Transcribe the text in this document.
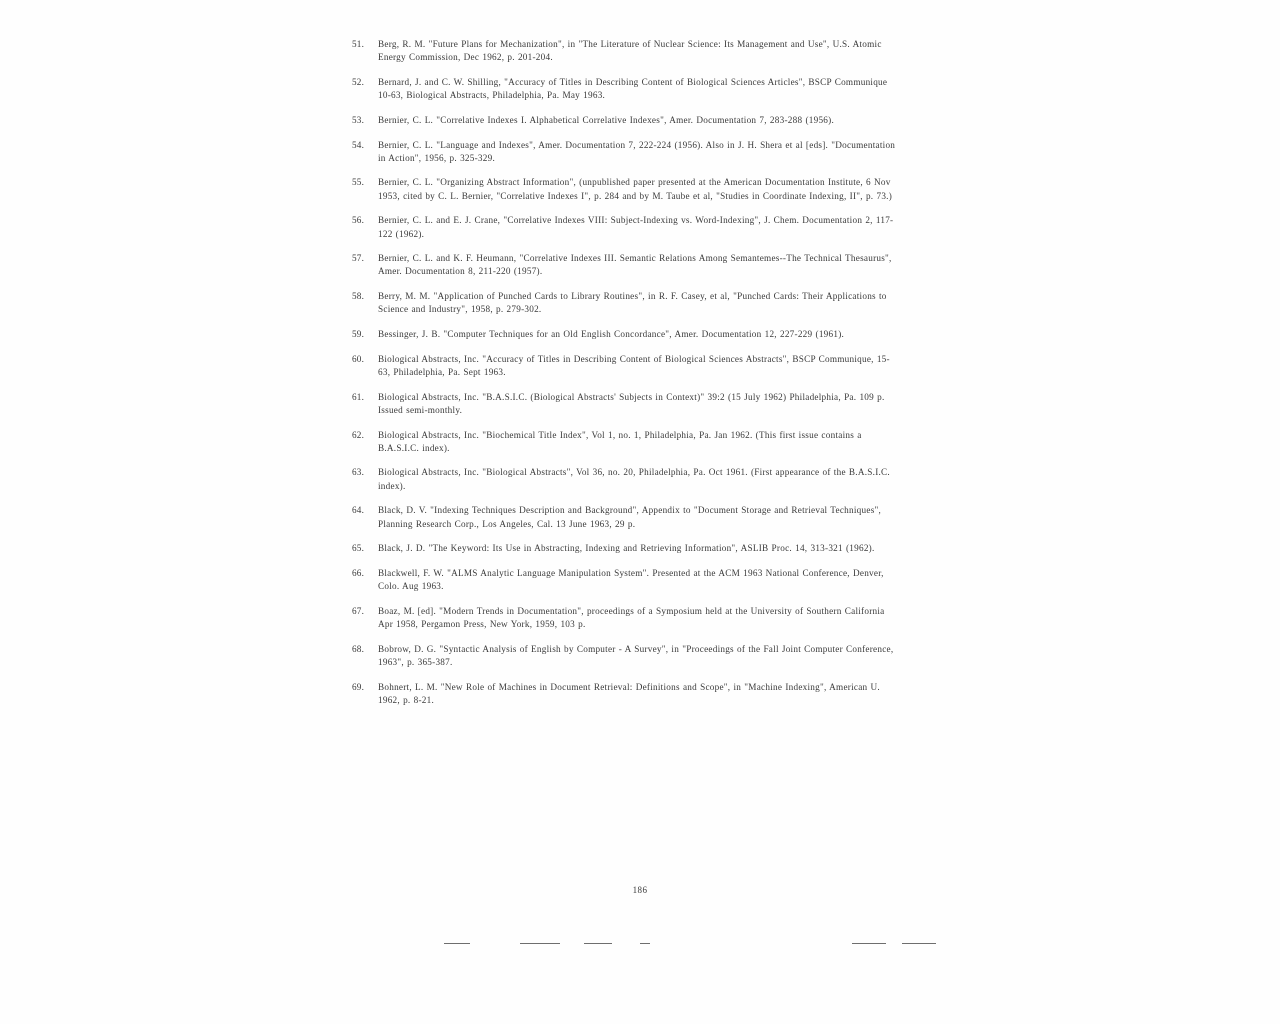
51.	Berg, R. M. "Future Plans for Mechanization", in "The Literature of Nuclear Science: Its Management and Use", U.S. Atomic Energy Commission, Dec 1962, p. 201-204.
52.	Bernard, J. and C. W. Shilling, "Accuracy of Titles in Describing Content of Biological Sciences Articles", BSCP Communique 10-63, Biological Abstracts, Philadelphia, Pa. May 1963.
53.	Bernier, C. L. "Correlative Indexes I. Alphabetical Correlative Indexes", Amer. Documentation 7, 283-288 (1956).
54.	Bernier, C. L. "Language and Indexes", Amer. Documentation 7, 222-224 (1956). Also in J. H. Shera et al [eds]. "Documentation in Action", 1956, p. 325-329.
55.	Bernier, C. L. "Organizing Abstract Information", (unpublished paper presented at the American Documentation Institute, 6 Nov 1953, cited by C. L. Bernier, "Correlative Indexes I", p. 284 and by M. Taube et al, "Studies in Coordinate Indexing, II", p. 73.)
56.	Bernier, C. L. and E. J. Crane, "Correlative Indexes VIII: Subject-Indexing vs. Word-Indexing", J. Chem. Documentation 2, 117-122 (1962).
57.	Bernier, C. L. and K. F. Heumann, "Correlative Indexes III. Semantic Relations Among Semantemes--The Technical Thesaurus", Amer. Documentation 8, 211-220 (1957).
58.	Berry, M. M. "Application of Punched Cards to Library Routines", in R. F. Casey, et al, "Punched Cards: Their Applications to Science and Industry", 1958, p. 279-302.
59.	Bessinger, J. B. "Computer Techniques for an Old English Concordance", Amer. Documentation 12, 227-229 (1961).
60.	Biological Abstracts, Inc. "Accuracy of Titles in Describing Content of Biological Sciences Abstracts", BSCP Communique, 15-63, Philadelphia, Pa. Sept 1963.
61.	Biological Abstracts, Inc. "B.A.S.I.C. (Biological Abstracts' Subjects in Context)" 39:2 (15 July 1962) Philadelphia, Pa. 109 p. Issued semi-monthly.
62.	Biological Abstracts, Inc. "Biochemical Title Index", Vol 1, no. 1, Philadelphia, Pa. Jan 1962. (This first issue contains a B.A.S.I.C. index).
63.	Biological Abstracts, Inc. "Biological Abstracts", Vol 36, no. 20, Philadelphia, Pa. Oct 1961. (First appearance of the B.A.S.I.C. index).
64.	Black, D. V. "Indexing Techniques Description and Background", Appendix to "Document Storage and Retrieval Techniques", Planning Research Corp., Los Angeles, Cal. 13 June 1963, 29 p.
65.	Black, J. D. "The Keyword: Its Use in Abstracting, Indexing and Retrieving Information", ASLIB Proc. 14, 313-321 (1962).
66.	Blackwell, F. W. "ALMS Analytic Language Manipulation System". Presented at the ACM 1963 National Conference, Denver, Colo. Aug 1963.
67.	Boaz, M. [ed]. "Modern Trends in Documentation", proceedings of a Symposium held at the University of Southern California Apr 1958, Pergamon Press, New York, 1959, 103 p.
68.	Bobrow, D. G. "Syntactic Analysis of English by Computer - A Survey", in "Proceedings of the Fall Joint Computer Conference, 1963", p. 365-387.
69.	Bohnert, L. M. "New Role of Machines in Document Retrieval: Definitions and Scope", in "Machine Indexing", American U. 1962, p. 8-21.
186
